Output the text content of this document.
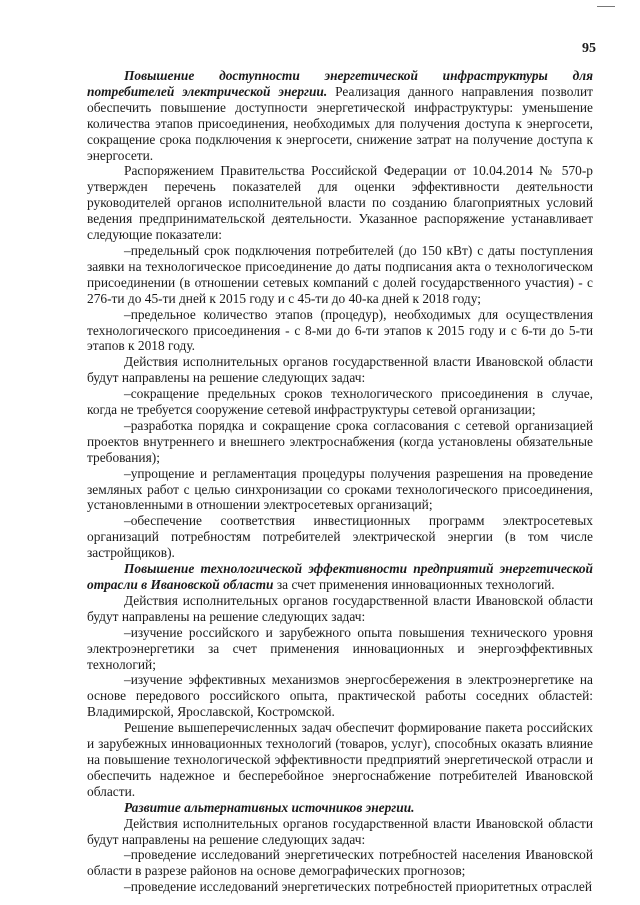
95

Повышение доступности энергетической инфраструктуры для потребителей электрической энергии. Реализация данного направления позволит обеспечить повышение доступности энергетической инфраструктуры: уменьшение количества этапов присоединения, необходимых для получения доступа к энергосети, сокращение срока подключения к энергосети, снижение затрат на получение доступа к энергосети.

Распоряжением Правительства Российской Федерации от 10.04.2014 № 570-р утвержден перечень показателей для оценки эффективности деятельности руководителей органов исполнительной власти по созданию благоприятных условий ведения предпринимательской деятельности. Указанное распоряжение устанавливает следующие показатели:

–предельный срок подключения потребителей (до 150 кВт) с даты поступления заявки на технологическое присоединение до даты подписания акта о технологическом присоединении (в отношении сетевых компаний с долей государственного участия) - с 276-ти до 45-ти дней к 2015 году и с 45-ти до 40-ка дней к 2018 году;

–предельное количество этапов (процедур), необходимых для осуществления технологического присоединения - с 8-ми до 6-ти этапов к 2015 году и с 6-ти до 5-ти этапов к 2018 году.

Действия исполнительных органов государственной власти Ивановской области будут направлены на решение следующих задач:

–сокращение предельных сроков технологического присоединения в случае, когда не требуется сооружение сетевой инфраструктуры сетевой организации;

–разработка порядка и сокращение срока согласования с сетевой организацией проектов внутреннего и внешнего электроснабжения (когда установлены обязательные требования);

–упрощение и регламентация процедуры получения разрешения на проведение земляных работ с целью синхронизации со сроками технологического присоединения, установленными в отношении электросетевых организаций;

–обеспечение соответствия инвестиционных программ электросетевых организаций потребностям потребителей электрической энергии (в том числе застройщиков).

Повышение технологической эффективности предприятий энергетической отрасли в Ивановской области за счет применения инновационных технологий.

Действия исполнительных органов государственной власти Ивановской области будут направлены на решение следующих задач:

–изучение российского и зарубежного опыта повышения технического уровня электроэнергетики за счет применения инновационных и энергоэффективных технологий;

–изучение эффективных механизмов энергосбережения в электроэнергетике на основе передового российского опыта, практической работы соседних областей: Владимирской, Ярославской, Костромской.

Решение вышеперечисленных задач обеспечит формирование пакета российских и зарубежных инновационных технологий (товаров, услуг), способных оказать влияние на повышение технологической эффективности предприятий энергетической отрасли и обеспечить надежное и бесперебойное энергоснабжение потребителей Ивановской области.

Развитие альтернативных источников энергии.

Действия исполнительных органов государственной власти Ивановской области будут направлены на решение следующих задач:

–проведение исследований энергетических потребностей населения Ивановской области в разрезе районов на основе демографических прогнозов;

–проведение исследований энергетических потребностей приоритетных отраслей
